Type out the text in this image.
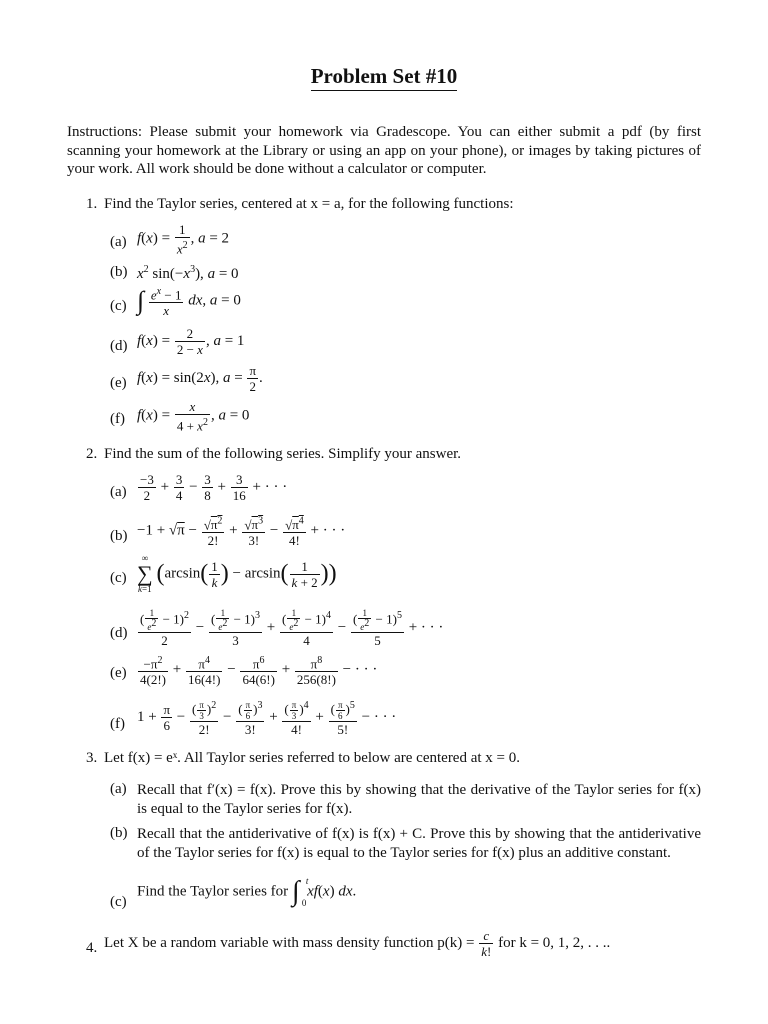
Problem Set #10
Instructions: Please submit your homework via Gradescope. You can either submit a pdf (by first scanning your homework at the Library or using an app on your phone), or images by taking pictures of your work. All work should be done without a calculator or computer.
1. Find the Taylor series, centered at x = a, for the following functions:
(a) $f(x) = \frac{1}{x^2}$ , a = 2
(b) $x^2$ $\sin(-x^3)$, a = 0
(c) ∫ $\frac{e^x - 1}{x}$ dx, a = 0
(d) $f(x) = \frac{2}{2 - x}$ , a = 1
(e) f(x) = sin(2x), $a = \frac{\pi}{2}$ .
(f) $f(x) = \frac{x}{4 + x^2}$ , a = 0
2. Find the sum of the following series. Simplify your answer.
$(a) \frac{-3}{2} + \frac{3}{4} - \frac{3}{8} + \frac{3}{16}$ + · · ·
$(b) -1 + √\pi - \frac{√\pi^2}{2!} + \frac{√\pi^3}{3!} - \frac{√\pi^4}{4!}$ + · · ·
(c)
∞
∑
k=1
($\arcsin( \frac{1}{k}$ ) − $\arcsin( \frac{1}{k + 2}$ ))
$(d) \frac{( \frac{1}{e^2} - 1)^2}{2} - \frac{( \frac{1}{e^2} - 1)^3}{3} + \frac{( \frac{1}{e^2} - 1)^4}{4} - \frac{( \frac{1}{e^2} - 1)^5}{5}$ + · · ·
$(e) \frac{-\pi^2}{4(2!)} + \frac{\pi^4}{16(4!)} - \frac{\pi^6}{64(6!)} + \frac{\pi^8}{256(8!)}$ − · · ·
(f) $1 + \frac{\pi}{6} - \frac{( \frac{\pi}{3} )^2}{2!} - \frac{( \frac{\pi}{6} )^3}{3!} + \frac{( \frac{\pi}{3} )^4}{4!} + \frac{( \frac{\pi}{6} )^5}{5!}$ − · · ·
3. Let f(x) = eˣ. All Taylor series referred to below are centered at x = 0.
(a) Recall that f′(x) = f(x). Prove this by showing that the derivative of the Taylor series for f(x) is equal to the Taylor series for f(x).
(b) Recall that the antiderivative of f(x) is f(x) + C. Prove this by showing that the antiderivative of the Taylor series for f(x) is equal to the Taylor series for f(x) plus an additive constant.
(c)
Find the Taylor series for ∫ t
0
xf(x) dx.
4. Let X be a random variable with mass density function $p(k) = \frac{c}{k!}$ for k = 0, 1, 2, . . ..
